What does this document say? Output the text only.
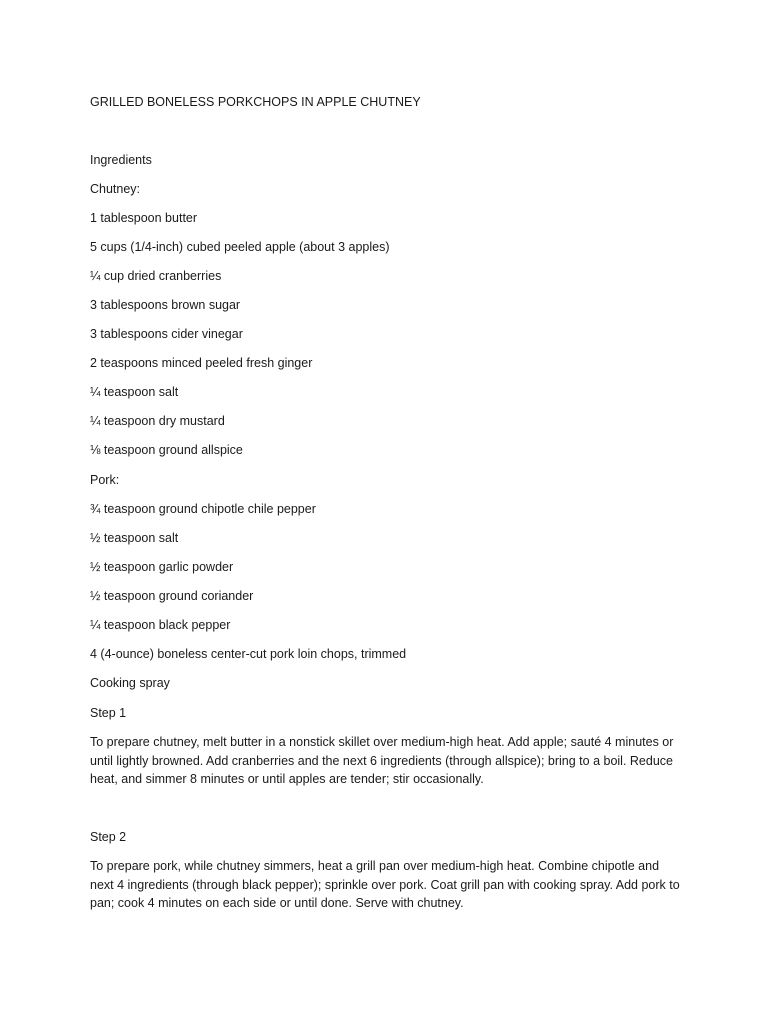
GRILLED BONELESS PORKCHOPS IN APPLE CHUTNEY
Ingredients
Chutney:
1 tablespoon butter
5 cups (1/4-inch) cubed peeled apple (about 3 apples)
¼ cup dried cranberries
3 tablespoons brown sugar
3 tablespoons cider vinegar
2 teaspoons minced peeled fresh ginger
¼ teaspoon salt
¼ teaspoon dry mustard
⅛ teaspoon ground allspice
Pork:
¾ teaspoon ground chipotle chile pepper
½ teaspoon salt
½ teaspoon garlic powder
½ teaspoon ground coriander
¼ teaspoon black pepper
4 (4-ounce) boneless center-cut pork loin chops, trimmed
Cooking spray
Step 1
To prepare chutney, melt butter in a nonstick skillet over medium-high heat. Add apple; sauté 4 minutes or until lightly browned. Add cranberries and the next 6 ingredients (through allspice); bring to a boil. Reduce heat, and simmer 8 minutes or until apples are tender; stir occasionally.
Step 2
To prepare pork, while chutney simmers, heat a grill pan over medium-high heat. Combine chipotle and next 4 ingredients (through black pepper); sprinkle over pork. Coat grill pan with cooking spray. Add pork to pan; cook 4 minutes on each side or until done. Serve with chutney.
